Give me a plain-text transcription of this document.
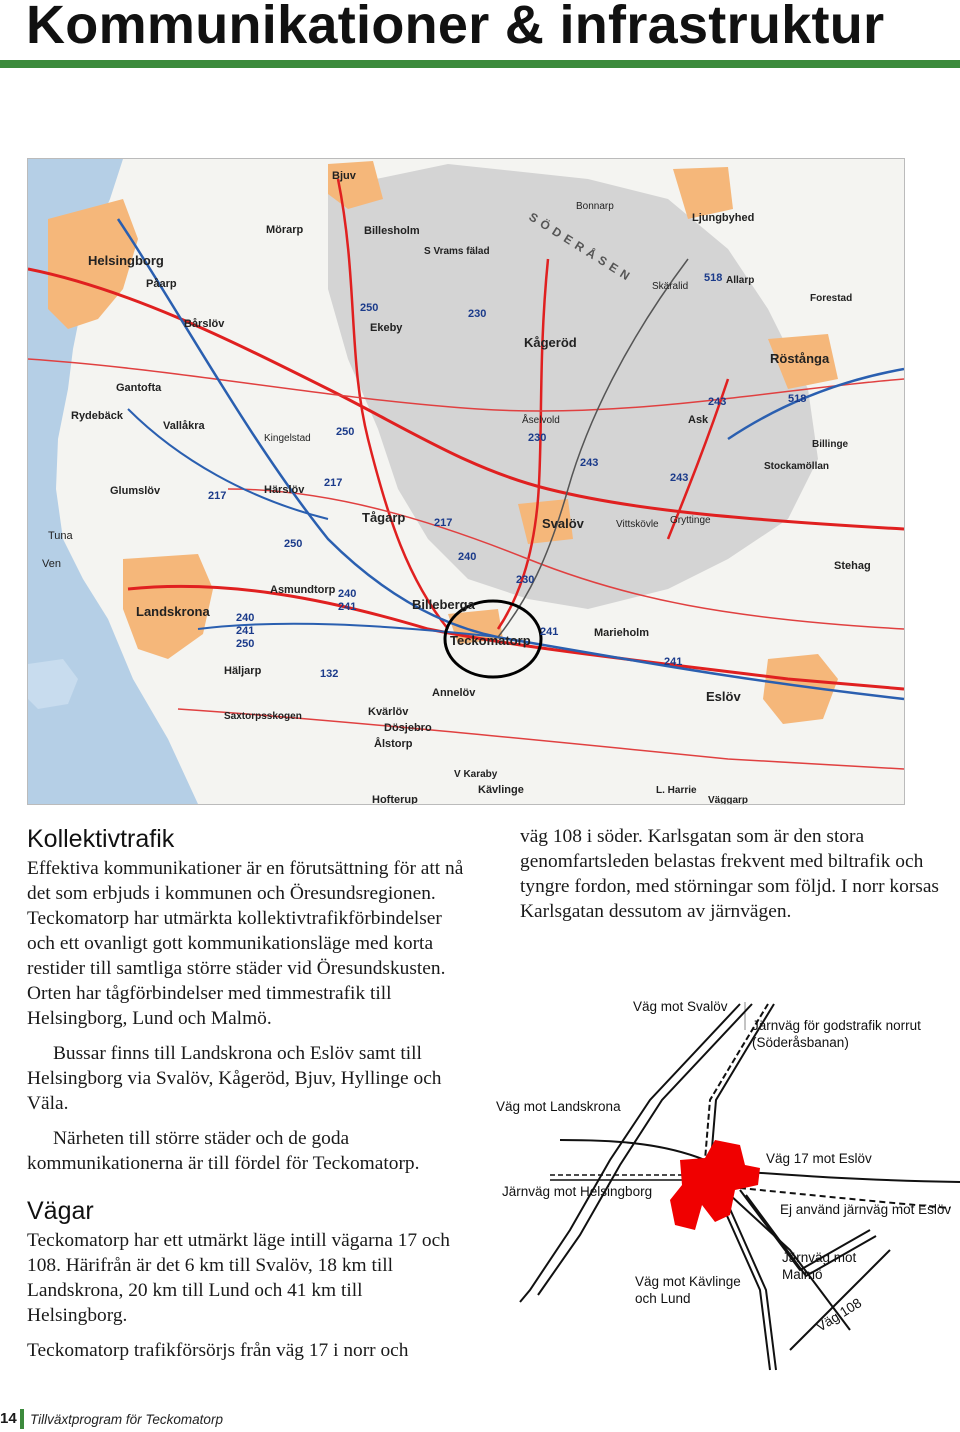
Kommunikationer & infrastruktur
Helsingborg
Påarp
Bårslöv
Rydebäck
Glumslöv
Landskrona
Häljarp
Saxtorpsskogen
Bjuv
Billesholm
Mörarp
Ekeby
Kågeröd
Tågarp	Svalöv
Billeberga
Teckomatorp	Marieholm
Eslöv
Ljungbyhed
Röstånga
Ask
Stehag
Kävlinge
Härslöv
Asmundtorp
Kvärlöv
Dösjebro
Ålstorp
Annelöv
Vallåkra
Gantofta
Tuna
Ven
Hofterup
V Karaby
S Vrams fälad
Allarp
Forestad
Billinge
Stockamöllan
Gryttinge
Kingelstad
Åselvold
Bonnarp
Skäralid
L. Harrie
Väggarp
Vittskövle
SÖDERÅSEN
250
250
250
230
230
230
217
217
217
240
240
241
241
241
243
243
243
518
518
132
240
241
250
Kollektivtrafik

Effektiva kommunikationer är en förutsättning för att nå det som erbjuds i kommunen och Öresundsregionen. Teckomatorp har utmärkta kollektivtrafikförbindelser och ett ovanligt gott kommunikationsläge med korta restider till samtliga större städer vid Öresundskusten. Orten har tågförbindelser med timmestrafik till Helsingborg, Lund och Malmö.

Bussar finns till Landskrona och Eslöv samt till Helsingborg via Svalöv, Kågeröd, Bjuv, Hyllinge och Väla.

Närheten till större städer och de goda kommunikationerna är till fördel för Teckomatorp.

Vägar

Teckomatorp har ett utmärkt läge intill vägarna 17 och 108. Härifrån är det 6 km till Svalöv, 18 km till Landskrona, 20 km till Lund och 41 km till Helsingborg.

Teckomatorp trafikförsörjs från väg 17 i norr och

väg 108 i söder. Karlsgatan som är den stora genomfartsleden belastas frekvent med biltrafik och tyngre fordon, med störningar som följd. I norr korsas Karlsgatan dessutom av järnvägen.

Väg mot Svalöv
Järnväg för godstrafik norrut
(Söderåsbanan)
Väg mot Landskrona
Väg 17 mot Eslöv
Järnväg mot Helsingborg
Ej använd järnväg mot Eslöv
Järnväg mot
Malmö
Väg mot Kävlinge
och Lund	Väg 108
14 Tillväxtprogram för Teckomatorp
